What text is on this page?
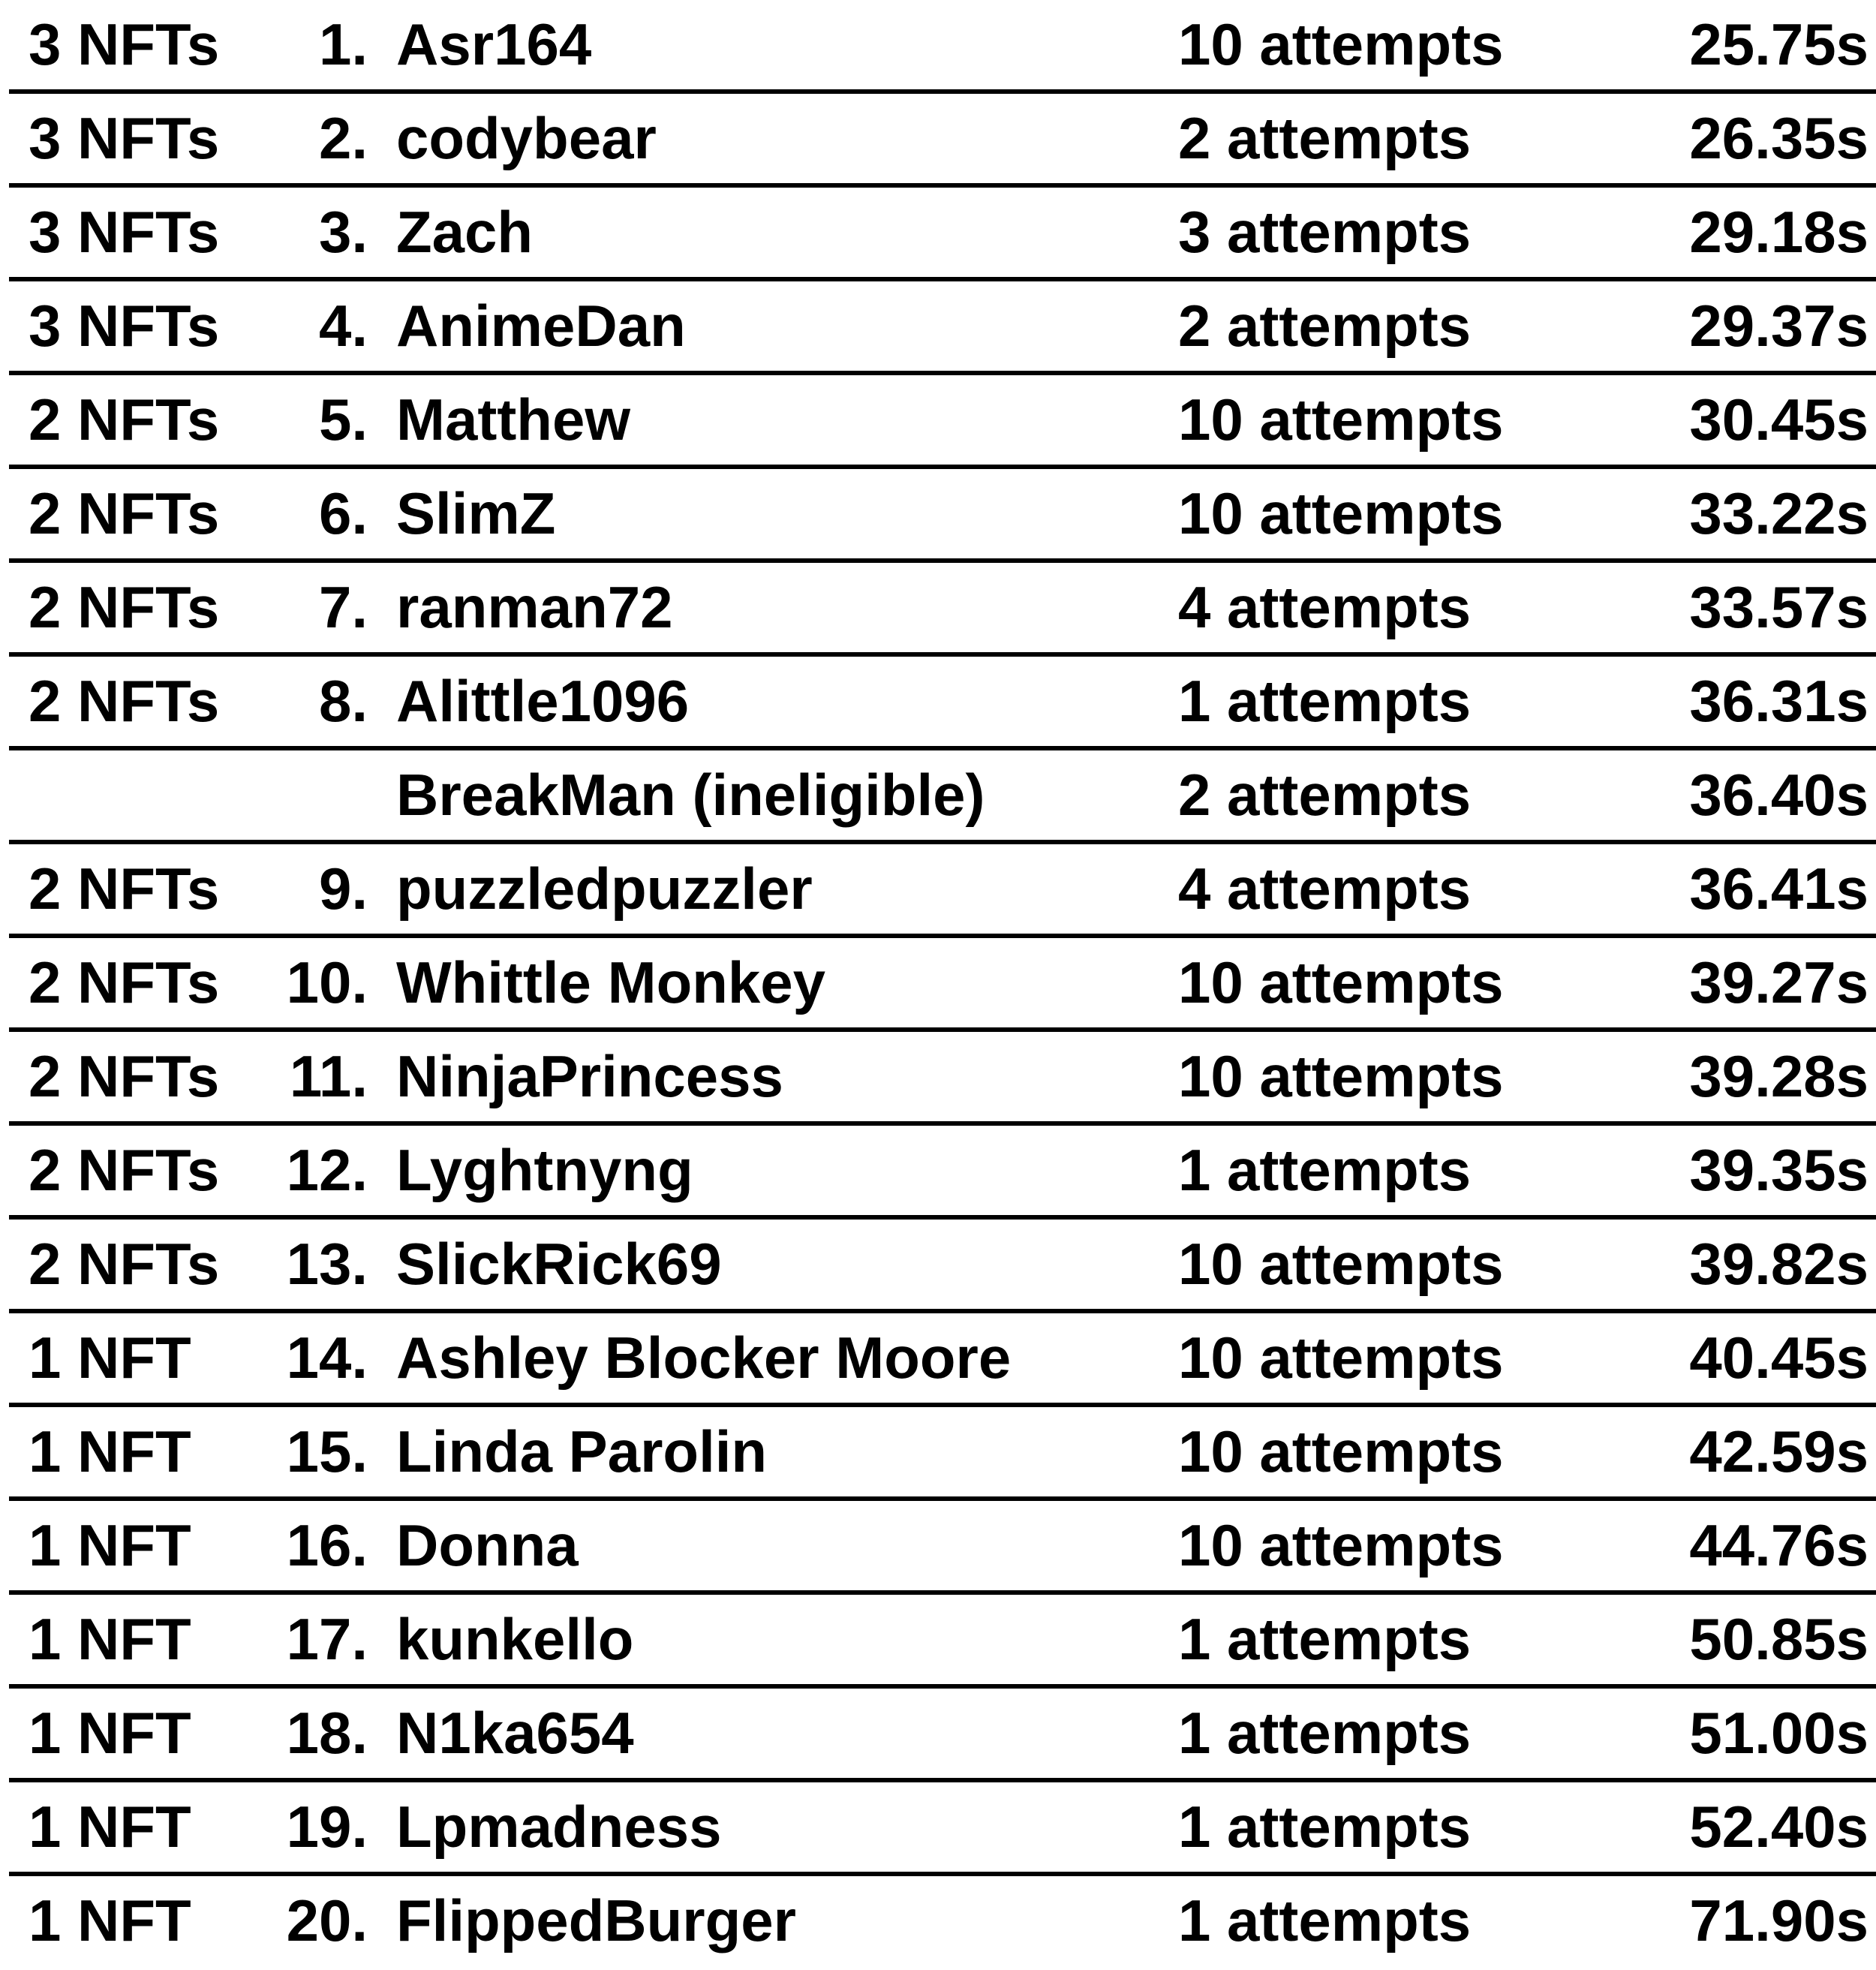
3 NFTs 1. Asr164	10 attempts	25.75s
3 NFTs 2. codybear	2 attempts	26.35s
3 NFTs 3. Zach	3 attempts	29.18s
3 NFTs 4. AnimeDan	2 attempts	29.37s
2 NFTs 5. Matthew	10 attempts	30.45s
2 NFTs 6. SlimZ	10 attempts	33.22s
2 NFTs 7. ranman72	4 attempts	33.57s
2 NFTs 8. Alittle1096	1 attempts	36.31s
BreakMan (ineligible)	2 attempts	36.40s
2 NFTs 9. puzzledpuzzler	4 attempts	36.41s
2 NFTs 10. Whittle Monkey	10 attempts	39.27s
2 NFTs 11. NinjaPrincess	10 attempts	39.28s
2 NFTs 12. Lyghtnyng	1 attempts	39.35s
2 NFTs 13. SlickRick69	10 attempts	39.82s
1 NFT 14. Ashley Blocker Moore	10 attempts	40.45s
1 NFT 15. Linda Parolin	10 attempts	42.59s
1 NFT 16. Donna	10 attempts	44.76s
1 NFT 17. kunkello	1 attempts	50.85s
1 NFT 18. N1ka654	1 attempts	51.00s
1 NFT 19. Lpmadness	1 attempts	52.40s
1 NFT 20. FlippedBurger	1 attempts	71.90s
